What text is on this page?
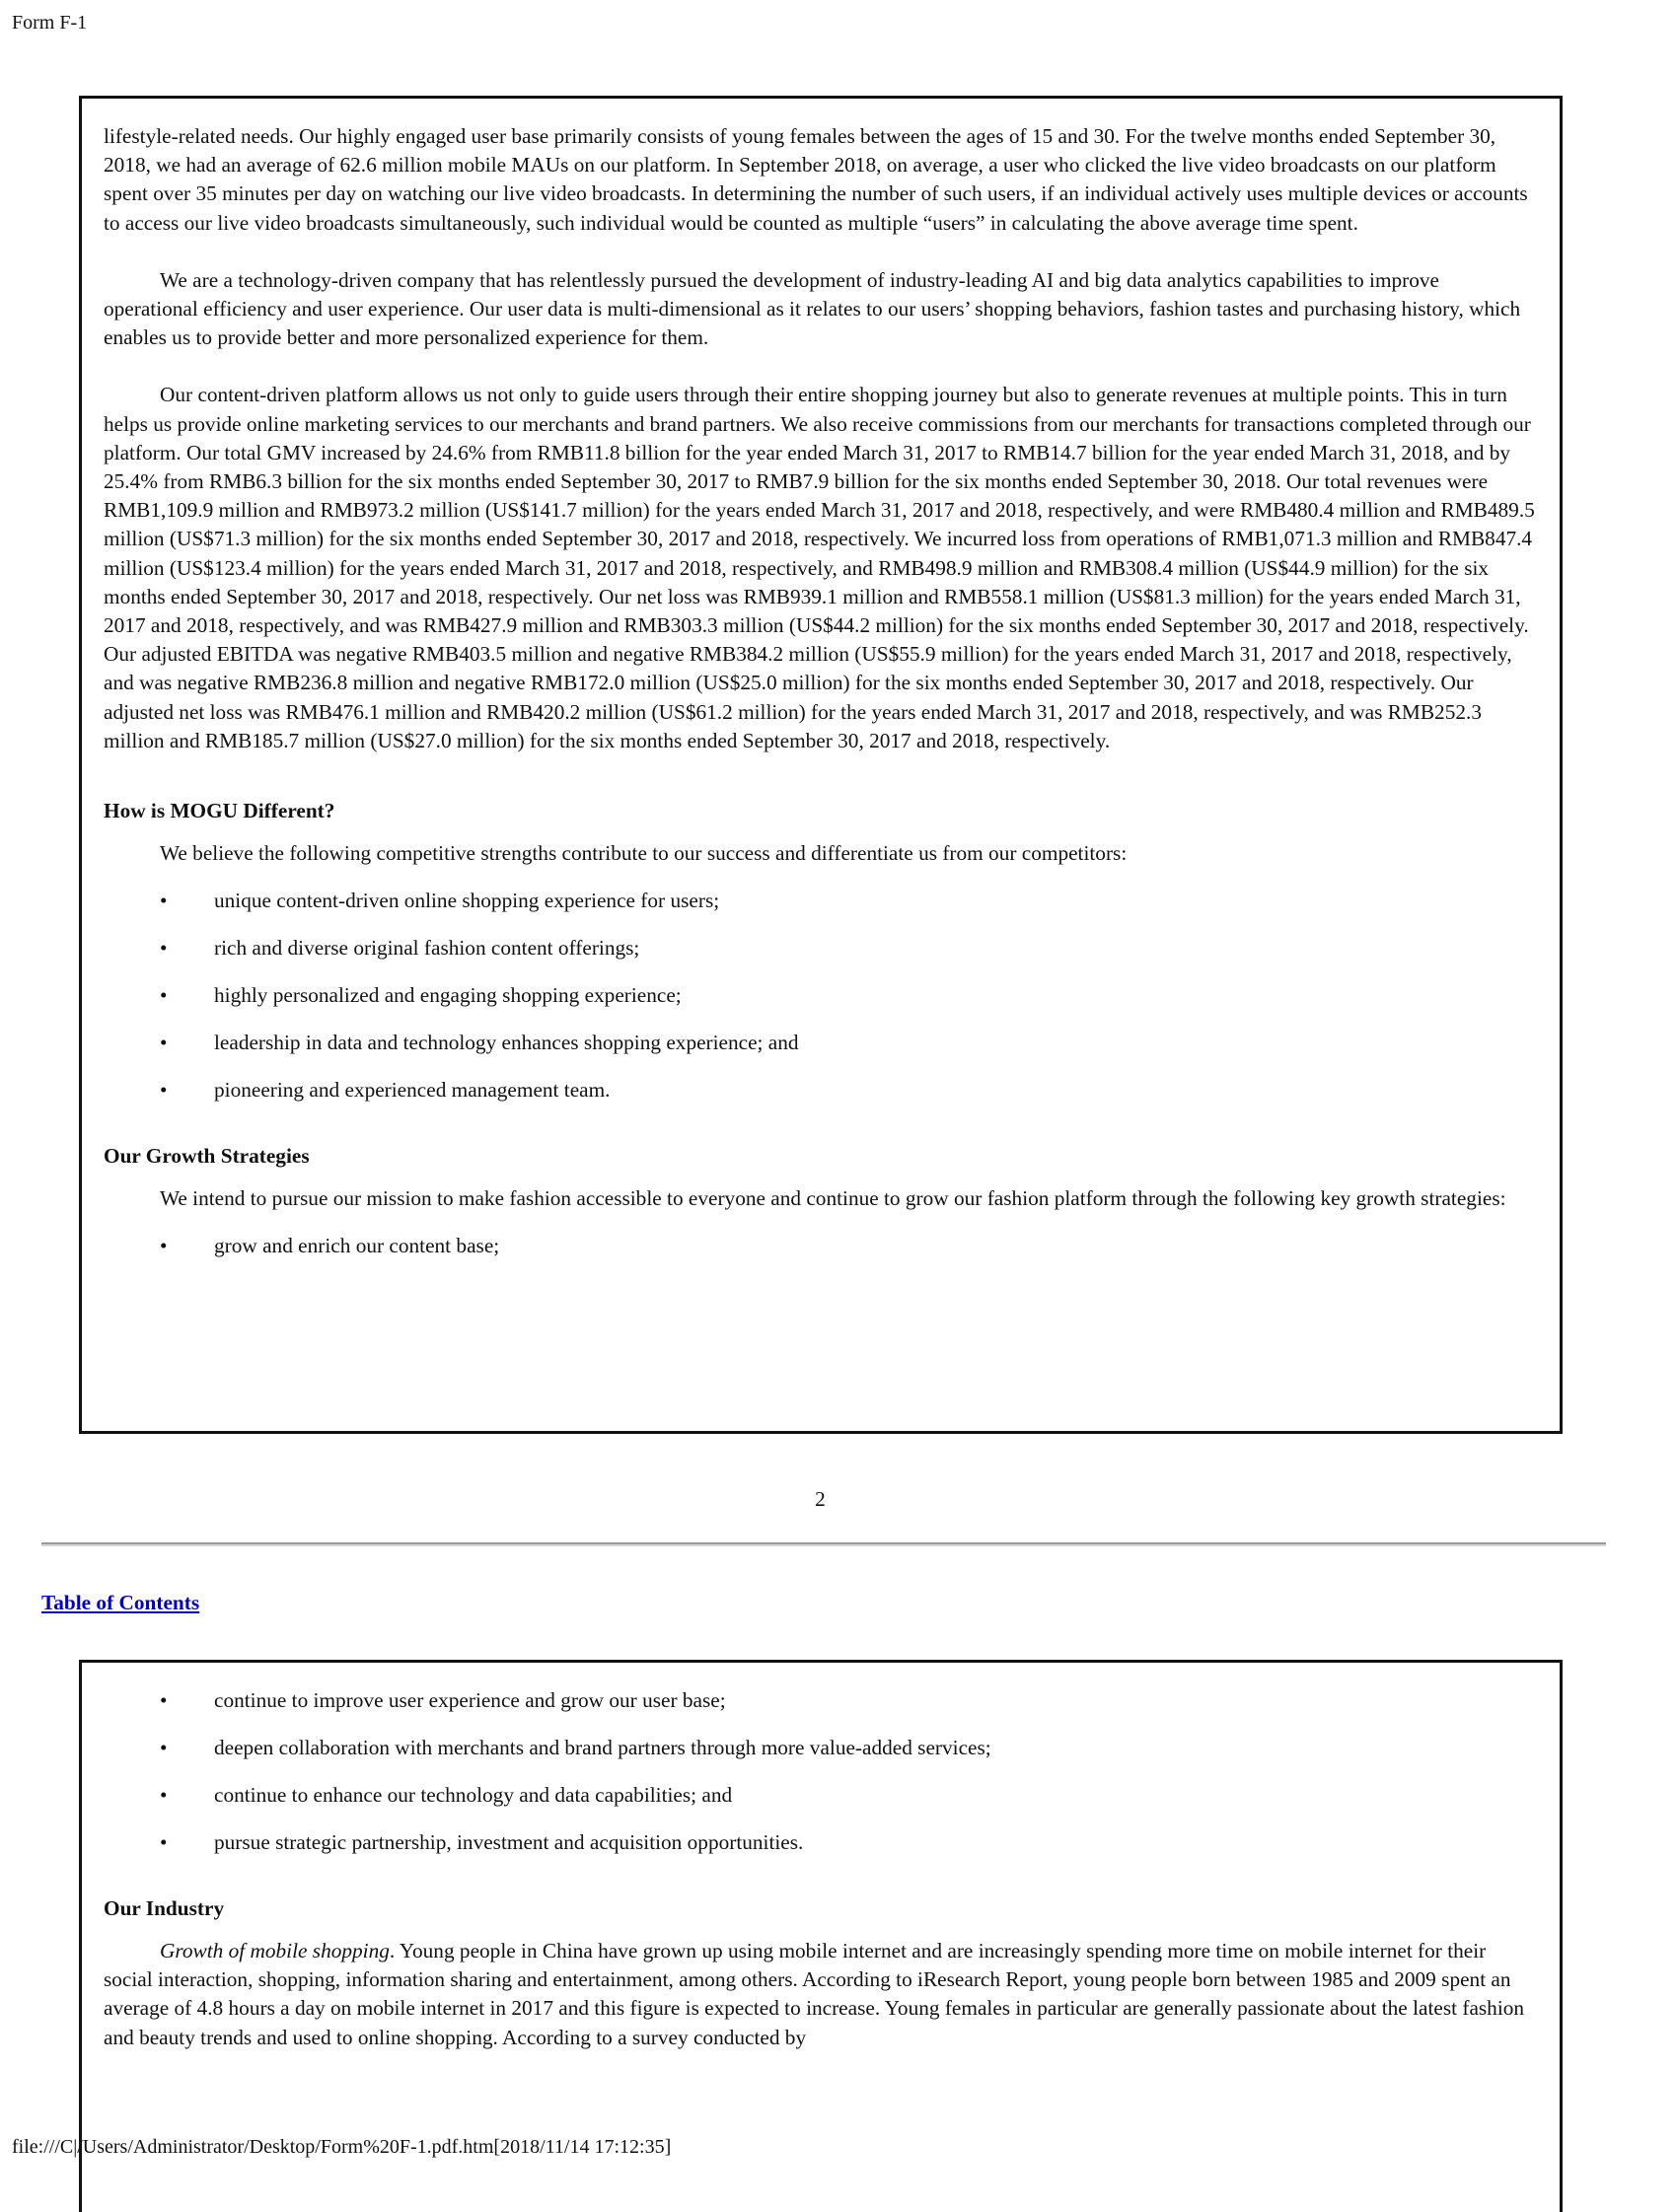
Form F-1

lifestyle-related needs. Our highly engaged user base primarily consists of young females between the ages of 15 and 30. For the twelve months ended September 30, 2018, we had an average of 62.6 million mobile MAUs on our platform. In September 2018, on average, a user who clicked the live video broadcasts on our platform spent over 35 minutes per day on watching our live video broadcasts. In determining the number of such users, if an individual actively uses multiple devices or accounts to access our live video broadcasts simultaneously, such individual would be counted as multiple “users” in calculating the above average time spent.

We are a technology-driven company that has relentlessly pursued the development of industry-leading AI and big data analytics capabilities to improve operational efficiency and user experience. Our user data is multi-dimensional as it relates to our users’ shopping behaviors, fashion tastes and purchasing history, which enables us to provide better and more personalized experience for them.

Our content-driven platform allows us not only to guide users through their entire shopping journey but also to generate revenues at multiple points. This in turn helps us provide online marketing services to our merchants and brand partners. We also receive commissions from our merchants for transactions completed through our platform. Our total GMV increased by 24.6% from RMB11.8 billion for the year ended March 31, 2017 to RMB14.7 billion for the year ended March 31, 2018, and by 25.4% from RMB6.3 billion for the six months ended September 30, 2017 to RMB7.9 billion for the six months ended September 30, 2018. Our total revenues were RMB1,109.9 million and RMB973.2 million (US$141.7 million) for the years ended March 31, 2017 and 2018, respectively, and were RMB480.4 million and RMB489.5 million (US$71.3 million) for the six months ended September 30, 2017 and 2018, respectively. We incurred loss from operations of RMB1,071.3 million and RMB847.4 million (US$123.4 million) for the years ended March 31, 2017 and 2018, respectively, and RMB498.9 million and RMB308.4 million (US$44.9 million) for the six months ended September 30, 2017 and 2018, respectively. Our net loss was RMB939.1 million and RMB558.1 million (US$81.3 million) for the years ended March 31, 2017 and 2018, respectively, and was RMB427.9 million and RMB303.3 million (US$44.2 million) for the six months ended September 30, 2017 and 2018, respectively. Our adjusted EBITDA was negative RMB403.5 million and negative RMB384.2 million (US$55.9 million) for the years ended March 31, 2017 and 2018, respectively, and was negative RMB236.8 million and negative RMB172.0 million (US$25.0 million) for the six months ended September 30, 2017 and 2018, respectively. Our adjusted net loss was RMB476.1 million and RMB420.2 million (US$61.2 million) for the years ended March 31, 2017 and 2018, respectively, and was RMB252.3 million and RMB185.7 million (US$27.0 million) for the six months ended September 30, 2017 and 2018, respectively.

How is MOGU Different?

We believe the following competitive strengths contribute to our success and differentiate us from our competitors:

• unique content-driven online shopping experience for users;
• rich and diverse original fashion content offerings;
• highly personalized and engaging shopping experience;
• leadership in data and technology enhances shopping experience; and
• pioneering and experienced management team.
Our Growth Strategies

We intend to pursue our mission to make fashion accessible to everyone and continue to grow our fashion platform through the following key growth strategies:

• grow and enrich our content base;
2
Table of Contents
• continue to improve user experience and grow our user base;
• deepen collaboration with merchants and brand partners through more value-added services;
• continue to enhance our technology and data capabilities; and
• pursue strategic partnership, investment and acquisition opportunities.
Our Industry

Growth of mobile shopping. Young people in China have grown up using mobile internet and are increasingly spending more time on mobile internet for their social interaction, shopping, information sharing and entertainment, among others. According to iResearch Report, young people born between 1985 and 2009 spent an average of 4.8 hours a day on mobile internet in 2017 and this figure is expected to increase. Young females in particular are generally passionate about the latest fashion and beauty trends and used to online shopping. According to a survey conducted by

file:///C|/Users/Administrator/Desktop/Form%20F-1.pdf.htm[2018/11/14 17:12:35]
